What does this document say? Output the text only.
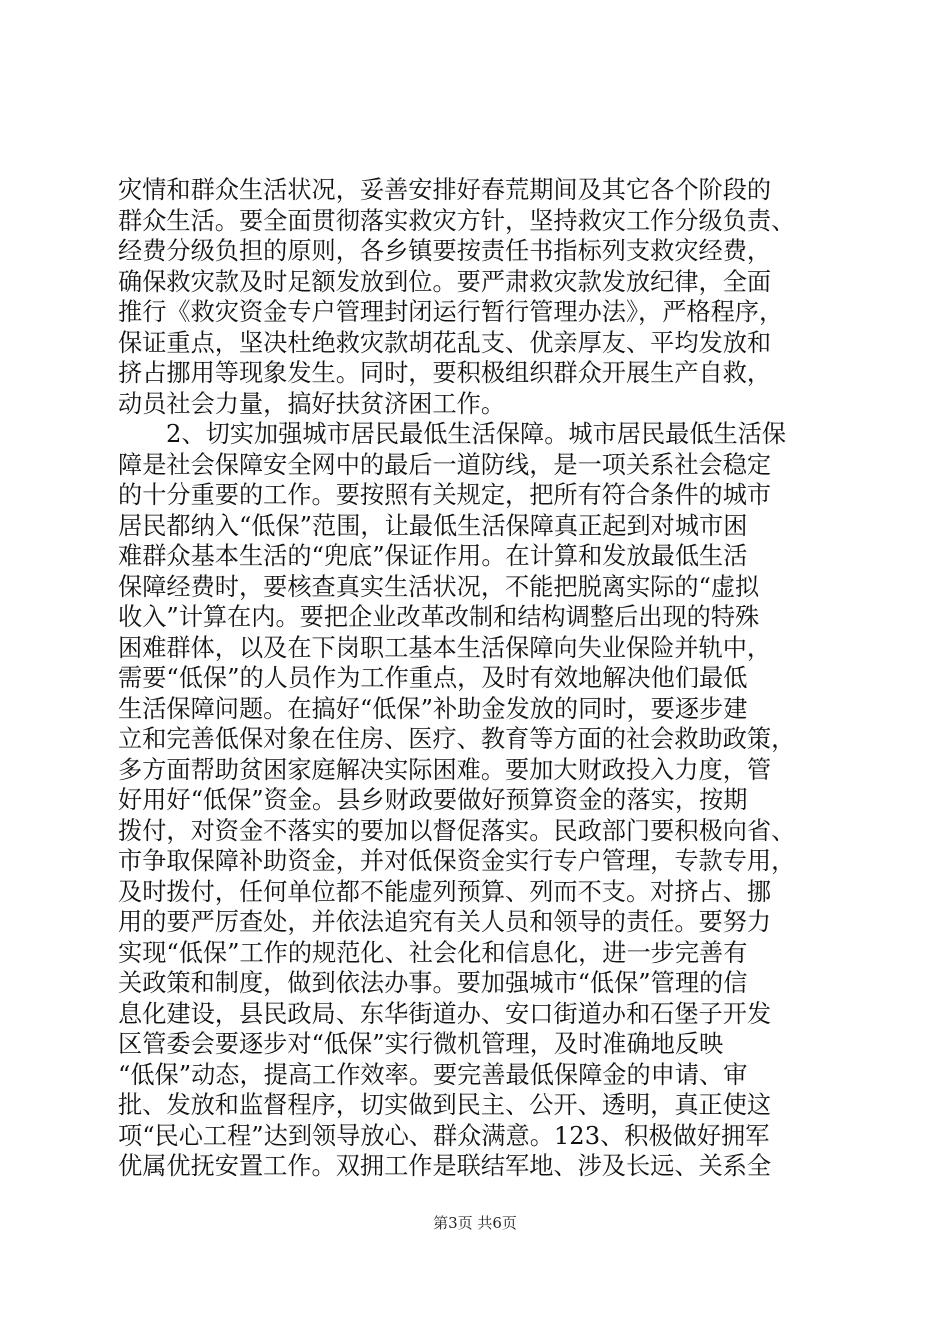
灾情和群众生活状况，妥善安排好春荒期间及其它各个阶段的
群众生活。要全面贯彻落实救灾方针，坚持救灾工作分级负责、
经费分级负担的原则，各乡镇要按责任书指标列支救灾经费，
确保救灾款及时足额发放到位。要严肃救灾款发放纪律，全面
推行《救灾资金专户管理封闭运行暂行管理办法》，严格程序，
保证重点，坚决杜绝救灾款胡花乱支、优亲厚友、平均发放和
挤占挪用等现象发生。同时，要积极组织群众开展生产自救，
动员社会力量，搞好扶贫济困工作。
2、切实加强城市居民最低生活保障。城市居民最低生活保
障是社会保障安全网中的最后一道防线，是一项关系社会稳定
的十分重要的工作。要按照有关规定，把所有符合条件的城市
居民都纳入“低保”范围，让最低生活保障真正起到对城市困
难群众基本生活的“兜底”保证作用。在计算和发放最低生活
保障经费时，要核查真实生活状况，不能把脱离实际的“虚拟
收入”计算在内。要把企业改革改制和结构调整后出现的特殊
困难群体，以及在下岗职工基本生活保障向失业保险并轨中，
需要“低保”的人员作为工作重点，及时有效地解决他们最低
生活保障问题。在搞好“低保”补助金发放的同时，要逐步建
立和完善低保对象在住房、医疗、教育等方面的社会救助政策，
多方面帮助贫困家庭解决实际困难。要加大财政投入力度，管
好用好“低保”资金。县乡财政要做好预算资金的落实，按期
拨付，对资金不落实的要加以督促落实。民政部门要积极向省、
市争取保障补助资金，并对低保资金实行专户管理，专款专用，
及时拨付，任何单位都不能虚列预算、列而不支。对挤占、挪
用的要严厉查处，并依法追究有关人员和领导的责任。要努力
实现“低保”工作的规范化、社会化和信息化，进一步完善有
关政策和制度，做到依法办事。要加强城市“低保”管理的信
息化建设，县民政局、东华街道办、安口街道办和石堡子开发
区管委会要逐步对“低保”实行微机管理，及时准确地反映
“低保”动态，提高工作效率。要完善最低保障金的申请、审
批、发放和监督程序，切实做到民主、公开、透明，真正使这
项“民心工程”达到领导放心、群众满意。123、积极做好拥军
优属优抚安置工作。双拥工作是联结军地、涉及长远、关系全
第3页 共6页
